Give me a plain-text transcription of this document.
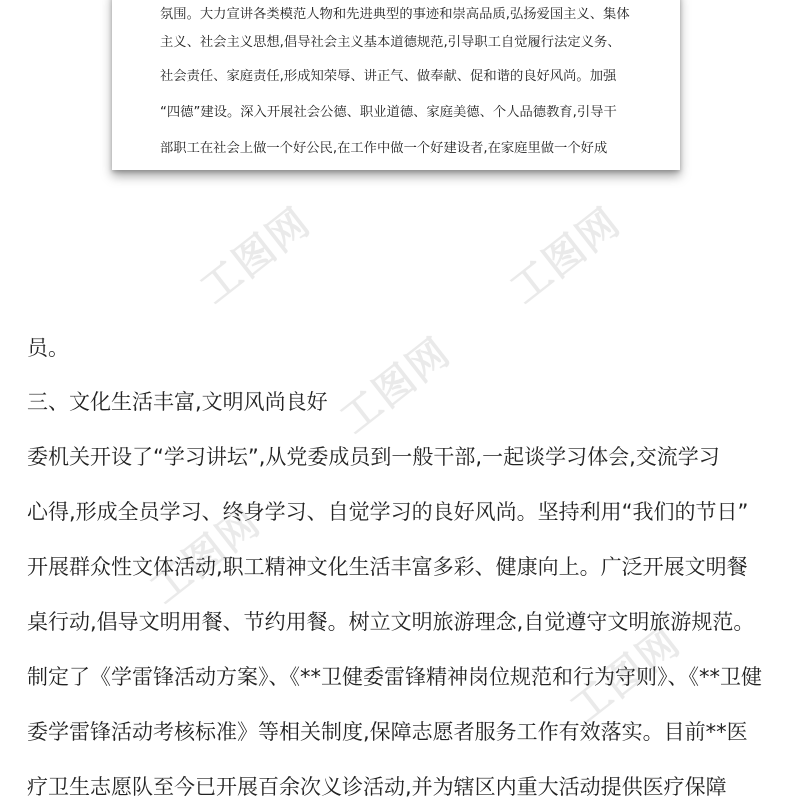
氛围。大力宣讲各类模范人物和先进典型的事迹和崇高品质,弘扬爱国主义、集体
主义、社会主义思想,倡导社会主义基本道德规范,引导职工自觉履行法定义务、
社会责任、家庭责任,形成知荣辱、讲正气、做奉献、促和谐的良好风尚。加强
“四德”建设。深入开展社会公德、职业道德、家庭美德、个人品德教育,引导干
部职工在社会上做一个好公民,在工作中做一个好建设者,在家庭里做一个好成
工图网	工图网
工图网
工图网
工图网
员。
三、文化生活丰富,文明风尚良好
委机关开设了“学习讲坛”,从党委成员到一般干部,一起谈学习体会,交流学习
心得,形成全员学习、终身学习、自觉学习的良好风尚。坚持利用“我们的节日”
开展群众性文体活动,职工精神文化生活丰富多彩、健康向上。广泛开展文明餐
桌行动,倡导文明用餐、节约用餐。树立文明旅游理念,自觉遵守文明旅游规范。
制定了《学雷锋活动方案》、《**卫健委雷锋精神岗位规范和行为守则》、《**卫健
委学雷锋活动考核标准》等相关制度,保障志愿者服务工作有效落实。目前**医
疗卫生志愿队至今已开展百余次义诊活动,并为辖区内重大活动提供医疗保障
